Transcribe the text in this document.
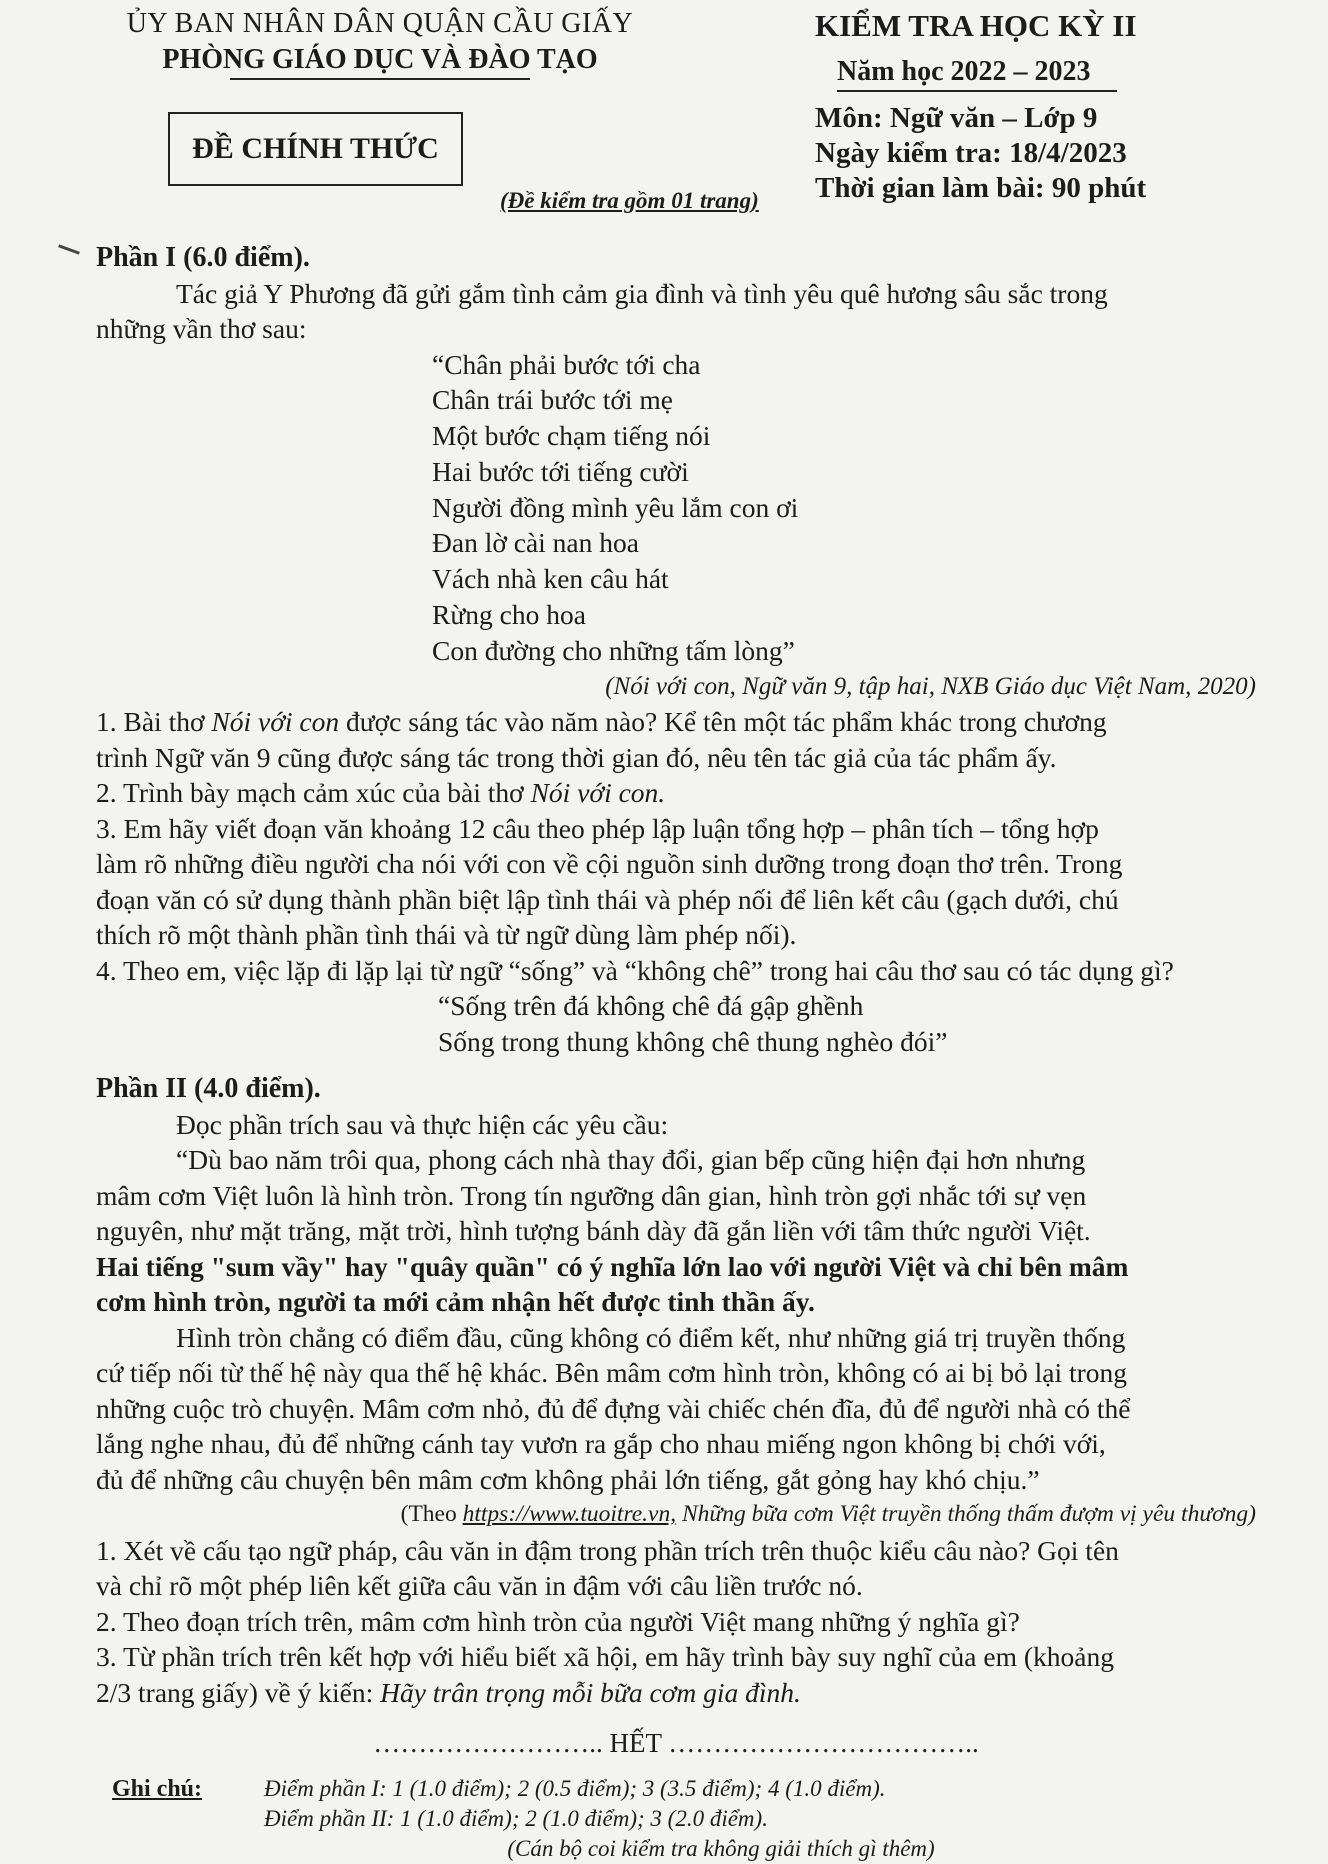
ỦY BAN NHÂN DÂN QUẬN CẦU GIẤY
PHÒNG GIÁO DỤC VÀ ĐÀO TẠO
ĐỀ CHÍNH THỨC
KIỂM TRA HỌC KỲ II
Năm học 2022 – 2023
Môn: Ngữ văn – Lớp 9
Ngày kiểm tra: 18/4/2023
Thời gian làm bài: 90 phút
(Đề kiểm tra gồm 01 trang)
Phần I (6.0 điểm).

Tác giả Y Phương đã gửi gắm tình cảm gia đình và tình yêu quê hương sâu sắc trong

những vần thơ sau:

“Chân phải bước tới cha
Chân trái bước tới mẹ
Một bước chạm tiếng nói
Hai bước tới tiếng cười
Người đồng mình yêu lắm con ơi
Đan lờ cài nan hoa
Vách nhà ken câu hát
Rừng cho hoa
Con đường cho những tấm lòng”
(Nói với con, Ngữ văn 9, tập hai, NXB Giáo dục Việt Nam, 2020)

1. Bài thơ Nói với con được sáng tác vào năm nào? Kể tên một tác phẩm khác trong chương

trình Ngữ văn 9 cũng được sáng tác trong thời gian đó, nêu tên tác giả của tác phẩm ấy.

2. Trình bày mạch cảm xúc của bài thơ Nói với con.

3. Em hãy viết đoạn văn khoảng 12 câu theo phép lập luận tổng hợp – phân tích – tổng hợp

làm rõ những điều người cha nói với con về cội nguồn sinh dưỡng trong đoạn thơ trên. Trong

đoạn văn có sử dụng thành phần biệt lập tình thái và phép nối để liên kết câu (gạch dưới, chú

thích rõ một thành phần tình thái và từ ngữ dùng làm phép nối).

4. Theo em, việc lặp đi lặp lại từ ngữ “sống” và “không chê” trong hai câu thơ sau có tác dụng gì?

“Sống trên đá không chê đá gập ghềnh
Sống trong thung không chê thung nghèo đói”
Phần II (4.0 điểm).

Đọc phần trích sau và thực hiện các yêu cầu:

“Dù bao năm trôi qua, phong cách nhà thay đổi, gian bếp cũng hiện đại hơn nhưng

mâm cơm Việt luôn là hình tròn. Trong tín ngưỡng dân gian, hình tròn gợi nhắc tới sự vẹn

nguyên, như mặt trăng, mặt trời, hình tượng bánh dày đã gắn liền với tâm thức người Việt.

Hai tiếng "sum vầy" hay "quây quần" có ý nghĩa lớn lao với người Việt và chỉ bên mâm

cơm hình tròn, người ta mới cảm nhận hết được tinh thần ấy.

Hình tròn chẳng có điểm đầu, cũng không có điểm kết, như những giá trị truyền thống

cứ tiếp nối từ thế hệ này qua thế hệ khác. Bên mâm cơm hình tròn, không có ai bị bỏ lại trong

những cuộc trò chuyện. Mâm cơm nhỏ, đủ để đựng vài chiếc chén đĩa, đủ để người nhà có thể

lắng nghe nhau, đủ để những cánh tay vươn ra gắp cho nhau miếng ngon không bị chới với,

đủ để những câu chuyện bên mâm cơm không phải lớn tiếng, gắt gỏng hay khó chịu.”

(Theo https://www.tuoitre.vn, Những bữa cơm Việt truyền thống thấm đượm vị yêu thương)

1. Xét về cấu tạo ngữ pháp, câu văn in đậm trong phần trích trên thuộc kiểu câu nào? Gọi tên

và chỉ rõ một phép liên kết giữa câu văn in đậm với câu liền trước nó.

2. Theo đoạn trích trên, mâm cơm hình tròn của người Việt mang những ý nghĩa gì?

3. Từ phần trích trên kết hợp với hiểu biết xã hội, em hãy trình bày suy nghĩ của em (khoảng

2/3 trang giấy) về ý kiến: Hãy trân trọng mỗi bữa cơm gia đình.

…………………….. HẾT ……………………………..
Ghi chú:	Điểm phần I: 1 (1.0 điểm); 2 (0.5 điểm); 3 (3.5 điểm); 4 (1.0 điểm).
Điểm phần II: 1 (1.0 điểm); 2 (1.0 điểm); 3 (2.0 điểm).
(Cán bộ coi kiểm tra không giải thích gì thêm)
